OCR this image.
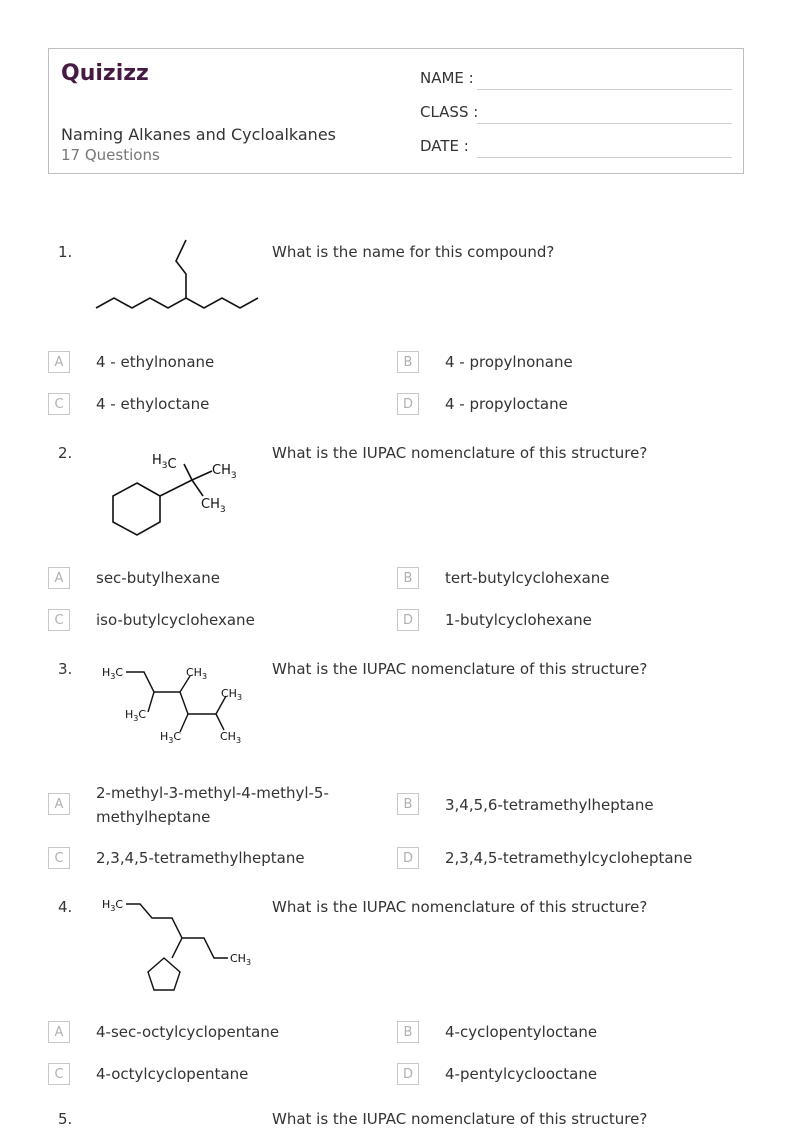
Quizizz
Naming Alkanes and Cycloalkanes
17 Questions
NAME :
CLASS :
DATE :
1.	What is the name for this compound?
A	4 - ethylnonane	B	4 - propylnonane
C	4 - ethyloctane	D	4 - propyloctane
2.	$H_3C$	$CH_3$
$CH_3$
What is the IUPAC nomenclature of this structure?
A	sec-butylhexane	B	tert-butylcyclohexane
C	iso-butylcyclohexane	D	1-butylcyclohexane
3.	$H_3C$	$CH_3$
$H_3C$
$CH_3$
$H_3C$	$CH_3$
What is the IUPAC nomenclature of this structure?
A
2-methyl-3-methyl-4-methyl-5-methylheptane
B	3,4,5,6-tetramethylheptane
C	2,3,4,5-tetramethylheptane	D	2,3,4,5-tetramethylcycloheptane
4.	$H_3C$
$CH_3$
What is the IUPAC nomenclature of this structure?
A	4-sec-octylcyclopentane	B	4-cyclopentyloctane
C	4-octylcyclopentane	D	4-pentylcyclooctane
5.	What is the IUPAC nomenclature of this structure?
